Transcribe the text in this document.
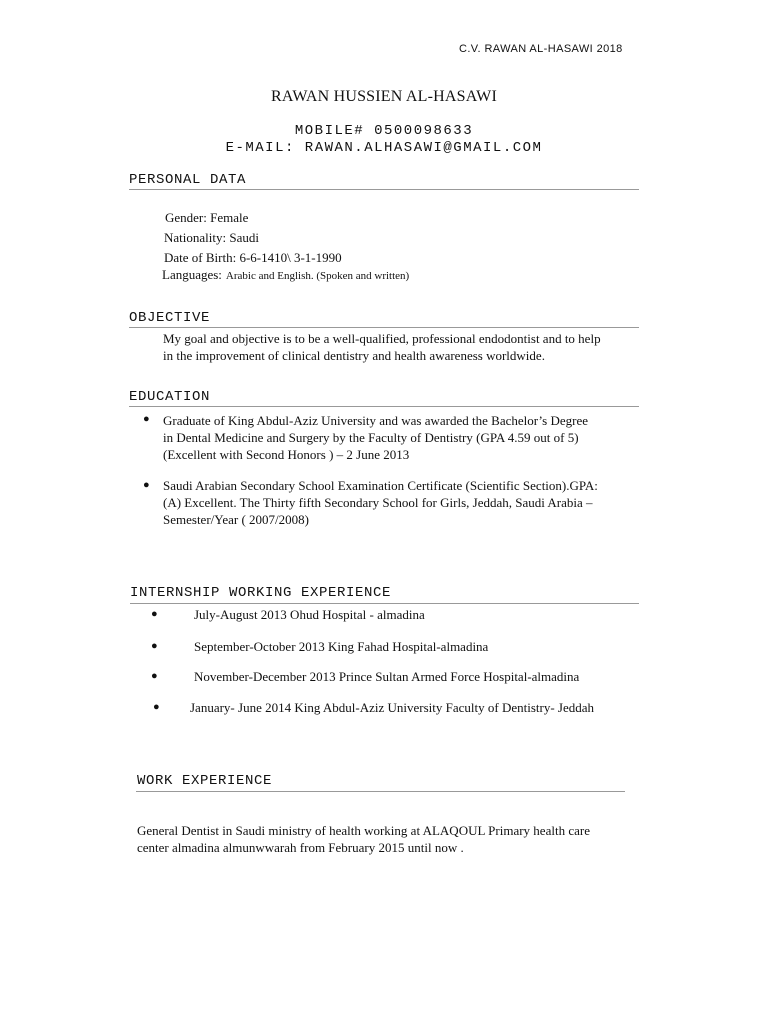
C.V. RAWAN AL-HASAWI 2018
RAWAN HUSSIEN AL-HASAWI
MOBILE# 0500098633
E-MAIL: RAWAN.ALHASAWI@GMAIL.COM
PERSONAL DATA
Gender: Female
Nationality: Saudi
Date of Birth: 6-6-1410\ 3-1-1990
Languages: Arabic and English. (Spoken and written)
OBJECTIVE
My goal and objective is to be a well-qualified, professional endodontist and to help
in the improvement of clinical dentistry and health awareness worldwide.
EDUCATION
● Graduate of King Abdul-Aziz University and was awarded the Bachelor’s Degree
in Dental Medicine and Surgery by the Faculty of Dentistry (GPA 4.59 out of 5)
(Excellent with Second Honors ) – 2 June 2013
● Saudi Arabian Secondary School Examination Certificate (Scientific Section).GPA:
(A) Excellent. The Thirty fifth Secondary School for Girls, Jeddah, Saudi Arabia –
Semester/Year ( 2007/2008)
INTERNSHIP WORKING EXPERIENCE
●	July-August 2013 Ohud Hospital - almadina
●	September-October 2013 King Fahad Hospital-almadina
●	November-December 2013 Prince Sultan Armed Force Hospital-almadina
● January- June 2014 King Abdul-Aziz University Faculty of Dentistry- Jeddah
WORK EXPERIENCE
General Dentist in Saudi ministry of health working at ALAQOUL Primary health care
center almadina almunwwarah from February 2015 until now .
